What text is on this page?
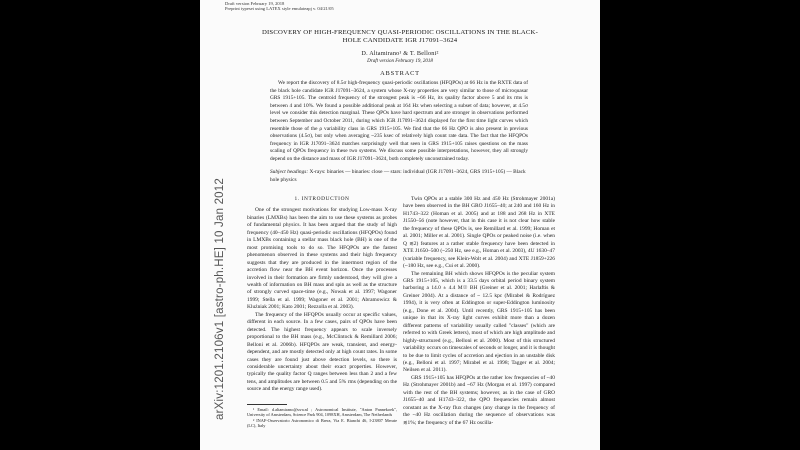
Draft version February 19, 2018
Preprint typeset using LATEX style emulateapj v. 04/21/05
arXiv:1201.2106v1 [astro-ph.HE] 10 Jan 2012
DISCOVERY OF HIGH-FREQUENCY QUASI-PERIODIC OSCILLATIONS IN THE BLACK-HOLE CANDIDATE IGR J17091–3624
D. Altamirano¹ & T. Belloni²
Draft version February 19, 2018
ABSTRACT
We report the discovery of 8.5σ high-frequency quasi-periodic oscillations (HFQPOs) at 66 Hz in the RXTE data of the black hole candidate IGR J17091–3624, a system whose X-ray properties are very similar to those of microquasar GRS 1915+105. The centroid frequency of the strongest peak is ~66 Hz, its quality factor above 5 and its rms is between 4 and 10%. We found a possible additional peak at 164 Hz when selecting a subset of data; however, at 4.5σ level we consider this detection marginal. These QPOs have hard spectrum and are stronger in observations performed between September and October 2011, during which IGR J17091–3624 displayed for the first time light curves which resemble those of the ρ variability class in GRS 1915+105. We find that the 66 Hz QPO is also present in previous observations (4.5σ), but only when averaging ~235 ksec of relatively high count rate data. The fact that the HFQPOs frequency in IGR J17091–3624 matches surprisingly well that seen in GRS 1915+105 raises questions on the mass scaling of QPOs frequency in these two systems. We discuss some possible interpretations, however, they all strongly depend on the distance and mass of IGR J17091–3624, both completely unconstrained today.
Subject headings: X-rays: binaries — binaries: close — stars: individual (IGR J17091–3624, GRS 1915+105) — Black hole physics
1. INTRODUCTION

One of the strongest motivations for studying Low-mass X-ray binaries (LMXBs) has been the aim to use these systems as probes of fundamental physics. It has been argued that the study of high frequency (40–450 Hz) quasi-periodic oscillations (HFQPOs) found in LMXBs containing a stellar mass black hole (BH) is one of the most promising tools to do so. The HFQPOs are the fastest phenomenon observed in these systems and their high frequency suggests that they are produced in the innermost region of the accretion flow near the BH event horizon. Once the processes involved in their formation are firmly understood, they will give a wealth of information on BH mass and spin as well as the structure of strongly curved space-time (e.g., Nowak et al. 1997; Wagoner 1999; Stella et al. 1999; Wagoner et al. 2001; Abramowicz & Kluźniak 2001; Kato 2001; Rezzolla et al. 2003).

The frequency of the HFQPOs usually occur at specific values, different in each source. In a few cases, pairs of QPOs have been detected. The highest frequency appears to scale inversely proportional to the BH mass (e.g., McClintock & Remillard 2006; Belloni et al. 2006b). HFQPOs are weak, transient, and energy-dependent, and are mostly detected only at high count rates. In some cases they are found just above detection levels, so there is considerable uncertainty about their exact properties. However, typically the quality factor Q ranges between less than 2 and a few tens, and amplitudes are between 0.5 and 5% rms (depending on the source and the energy range used).

¹ Email: d.altamirano@uva.nl ; Astronomical Institute, "Anton Pannekoek", University of Amsterdam, Science Park 904, 1098XH, Amsterdam, The Netherlands

² INAF-Osservatorio Astronomico di Brera, Via E. Bianchi 46, I-23807 Merate (LC), Italy

Twin QPOs at a stable 300 Hz and 450 Hz (Strohmayer 2001a) have been observed in the BH GRO J1655–40; at 240 and 160 Hz in H1743–322 (Homan et al. 2005) and at 188 and 268 Hz in XTE J1550–56 (note however, that in this case it is not clear how stable the frequency of these QPOs is, see Remillard et al. 1999; Homan et al. 2001; Miller et al. 2001). Single QPOs or peaked noise (i.e. when Q ≲2) features at a rather stable frequency have been detected in XTE J1650–500 (~250 Hz, see e.g., Homan et al. 2003), 4U 1630–47 (variable frequency, see Klein-Wolt et al. 2004) and XTE J1859+226 (~180 Hz, see e.g., Cui et al. 2000).

The remaining BH which shows HFQPOs is the peculiar system GRS 1915+105, which is a 33.5 days orbital period binary system harboring a 14.0 ± 4.4 M☉ BH (Greiner et al. 2001; Harlaftis & Greiner 2004). At a distance of ~ 12.5 kpc (Mirabel & Rodríguez 1994), it is very often at Eddington or super-Eddington luminosity (e.g., Done et al. 2004). Until recently, GRS 1915+105 has been unique in that its X-ray light curves exhibit more than a dozen different patterns of variability usually called "classes" (which are referred to with Greek letters), most of which are high amplitude and highly-structured (e.g., Belloni et al. 2000). Most of this structured variability occurs on timescales of seconds or longer, and it is thought to be due to limit cycles of accretion and ejection in an unstable disk (e.g., Belloni et al. 1997; Mirabel et al. 1998; Tagger et al. 2004; Neilsen et al. 2011).

GRS 1915+105 has HFQPOs at the rather low frequencies of ~40 Hz (Strohmayer 2001b) and ~67 Hz (Morgan et al. 1997) compared with the rest of the BH systems; however, as in the case of GRO J1655–40 and H1743–322, the QPO frequencies remain almost constant as the X-ray flux changes (any change in the frequency of the ~40 Hz oscillation during the sequence of observations was ≲1%; the frequency of the 67 Hz oscilla-
